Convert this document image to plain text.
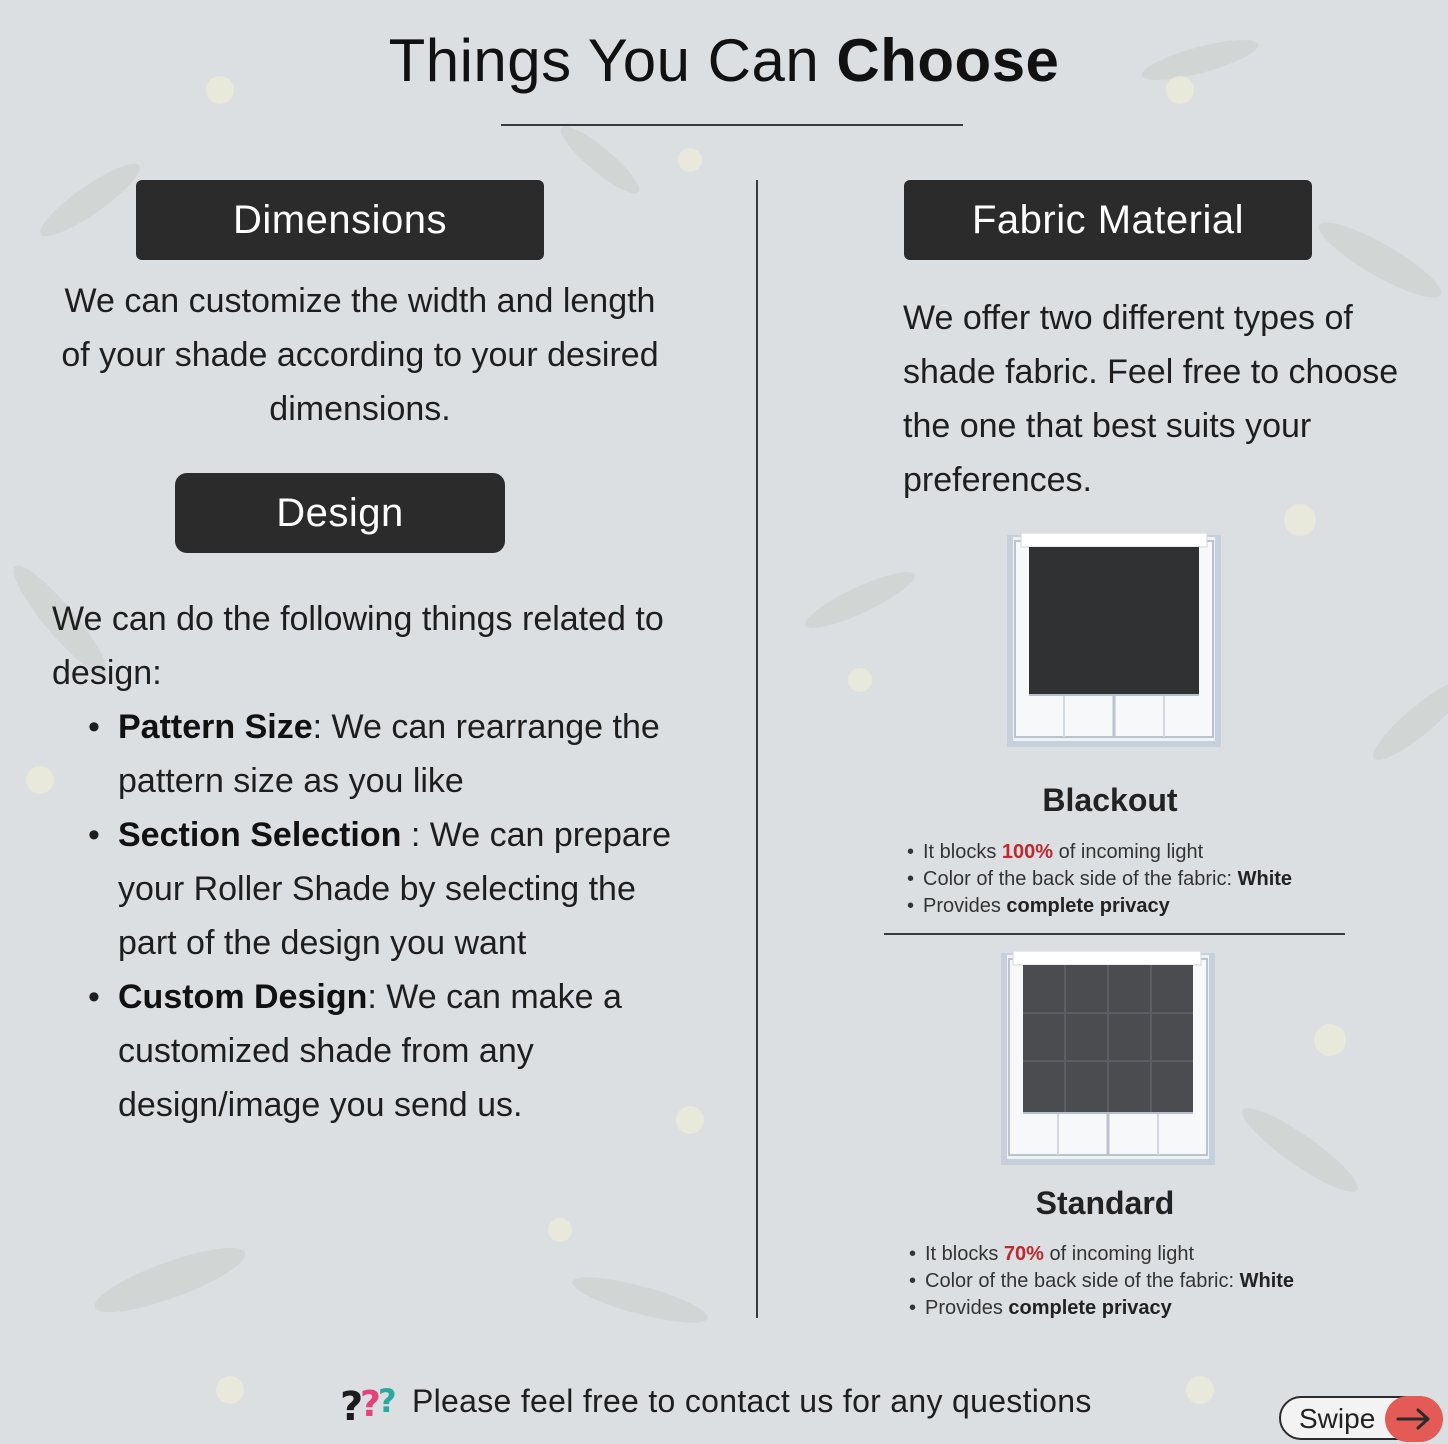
Things You Can Choose
Dimensions

We can customize the width and length of your shade according to your desired dimensions.

Design

We can do the following things related to design:

• Pattern Size: We can rearrange the pattern size as you like
• Section Selection : We can prepare your Roller Shade by selecting the part of the design you want
• Custom Design: We can make a customized shade from any design/image you send us.
Fabric Material

We offer two different types of shade fabric. Feel free to choose the one that best suits your preferences.

Blackout
• It blocks 100% of incoming light
• Color of the back side of the fabric: White
• Provides complete privacy
Standard
• It blocks 70% of incoming light
• Color of the back side of the fabric: White
• Provides complete privacy
?
?
? Please feel free to contact us for any questions	Swipe
